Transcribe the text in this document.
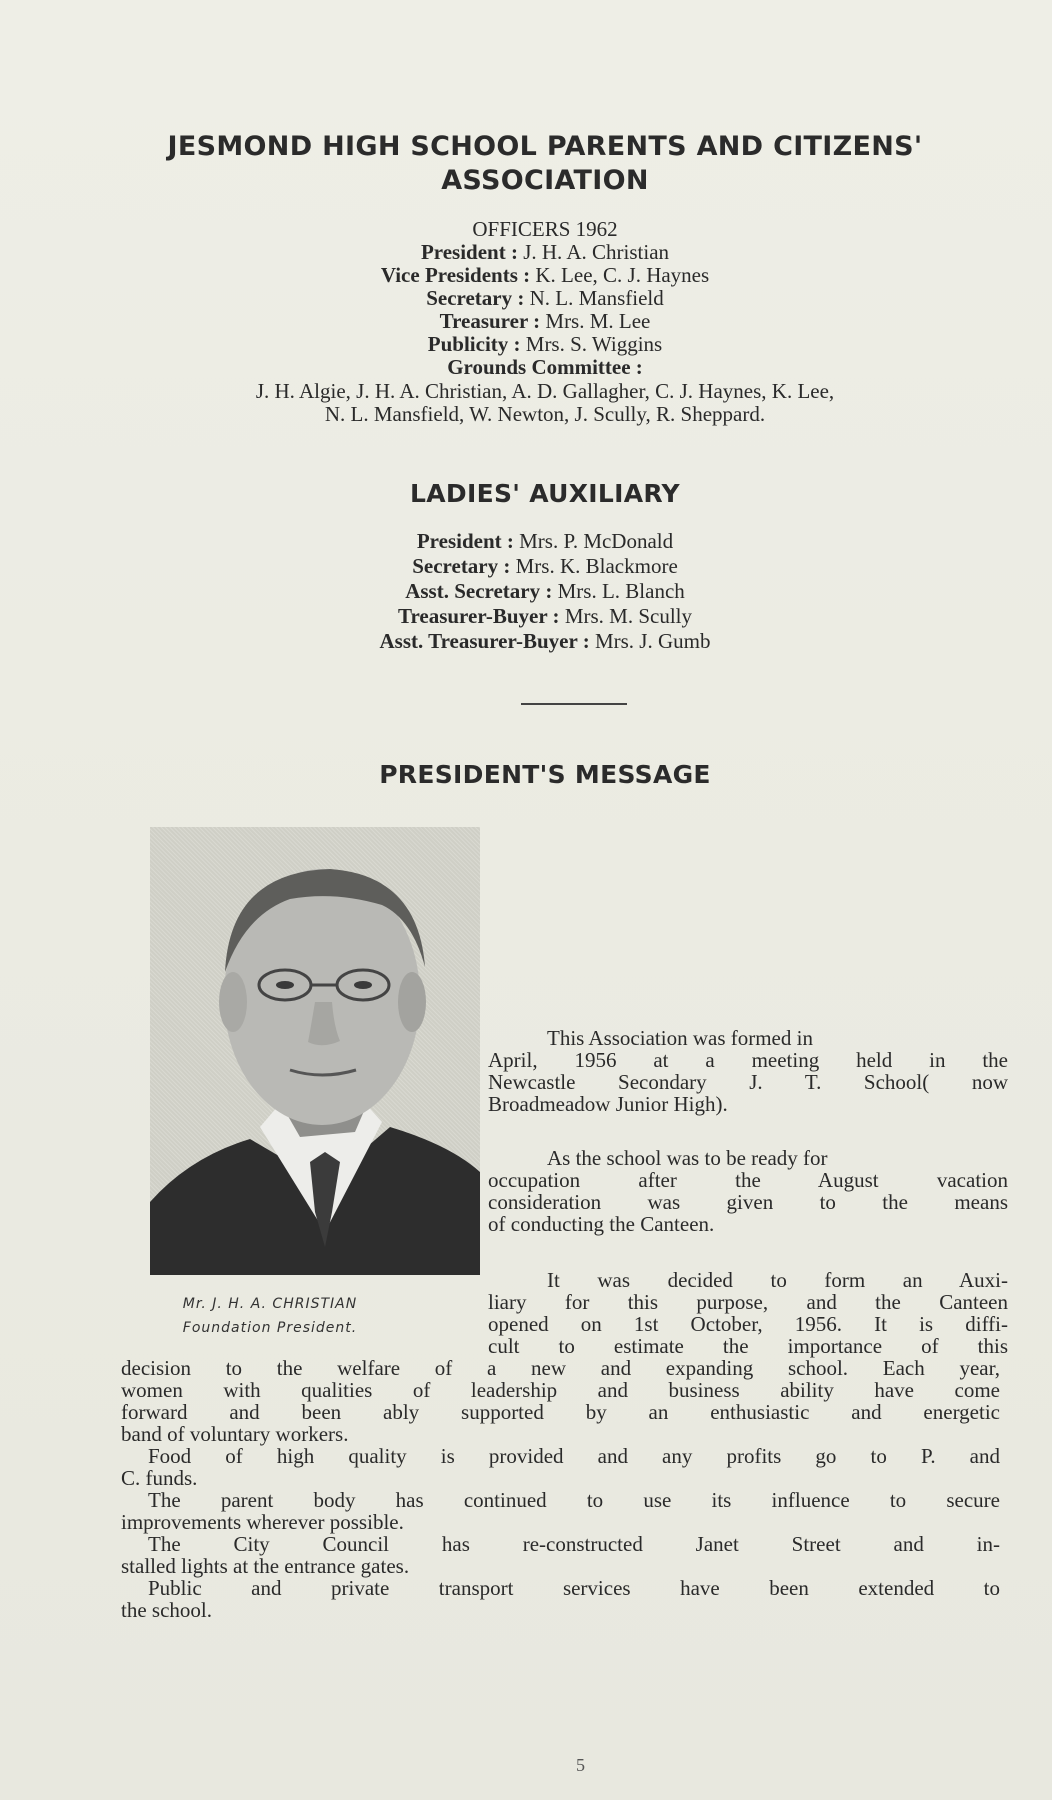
JESMOND HIGH SCHOOL PARENTS AND CITIZENS'
ASSOCIATION
OFFICERS 1962
President : J. H. A. Christian
Vice Presidents : K. Lee, C. J. Haynes
Secretary : N. L. Mansfield
Treasurer : Mrs. M. Lee
Publicity : Mrs. S. Wiggins
Grounds Committee :
J. H. Algie, J. H. A. Christian, A. D. Gallagher, C. J. Haynes, K. Lee,
N. L. Mansfield, W. Newton, J. Scully, R. Sheppard.
LADIES' AUXILIARY
President : Mrs. P. McDonald
Secretary : Mrs. K. Blackmore
Asst. Secretary : Mrs. L. Blanch
Treasurer-Buyer : Mrs. M. Scully
Asst. Treasurer-Buyer : Mrs. J. Gumb
PRESIDENT'S MESSAGE
Mr. J. H. A. CHRISTIAN
Foundation President.
This Association was formed in
April, 1956 at a meeting held in the
Newcastle Secondary J. T. School( now
Broadmeadow Junior High).
As the school was to be ready for
occupation after the August vacation
consideration was given to the means
of conducting the Canteen.
It was decided to form an Auxi-
liary for this purpose, and the Canteen
opened on 1st October, 1956. It is diffi-
cult to estimate the importance of this
decision to the welfare of a new and expanding school. Each year,
women with qualities of leadership and business ability have come
forward and been ably supported by an enthusiastic and energetic
band of voluntary workers.
Food of high quality is provided and any profits go to P. and
C. funds.
The parent body has continued to use its influence to secure
improvements wherever possible.
The City Council has re-constructed Janet Street and in-
stalled lights at the entrance gates.
Public and private transport services have been extended to
the school.
5
